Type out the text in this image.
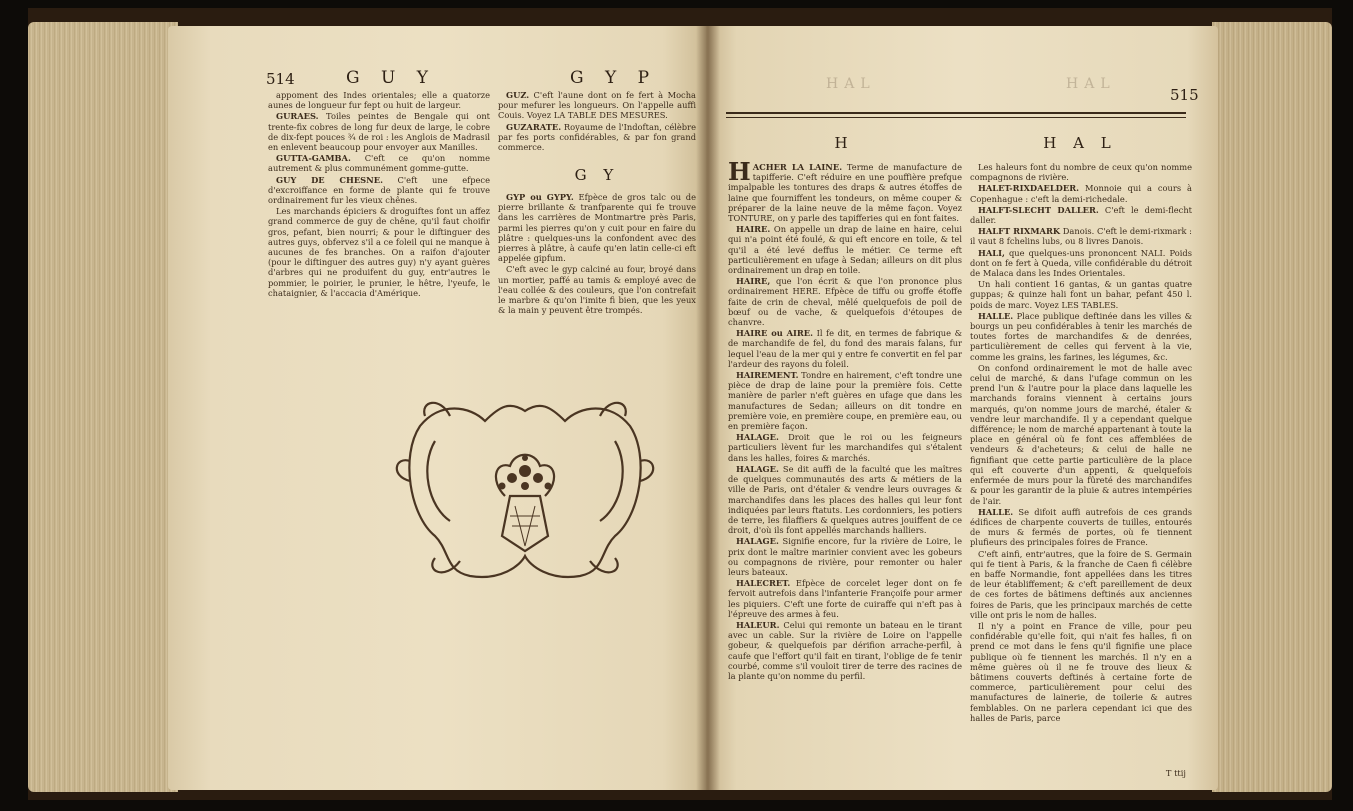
514	G U Y	G Y P

appoment des Indes orientales; elle a quatorze aunes de longueur fur fept ou huit de largeur.

GURAES. Toiles peintes de Bengale qui ont trente-fix cobres de long fur deux de large, le cobre de dix-fept pouces ¾ de roi : les Anglois de Madrasil en enlevent beaucoup pour envoyer aux Manilles.

GUTTA-GAMBA. C'eft ce qu'on nomme autrement & plus communément gomme-gutte.

GUY DE CHESNE. C'eft une efpece d'excroiffance en forme de plante qui fe trouve ordinairement fur les vieux chênes.

Les marchands épiciers & droguiftes font un affez grand commerce de guy de chêne, qu'il faut choifir gros, pefant, bien nourri; & pour le diftinguer des autres guys, obfervez s'il a ce foleil qui ne manque à aucunes de fes branches. On a raifon d'ajouter (pour le diftinguer des autres guy) n'y ayant guères d'arbres qui ne produifent du guy, entr'autres le pommier, le poirier, le prunier, le hêtre, l'yeufe, le chataignier, & l'accacia d'Amérique.

GUZ. C'eft l'aune dont on fe fert à Mocha pour mefurer les longueurs. On l'appelle auffi Couis. Voyez LA TABLE DES MESURES.

GUZARATE. Royaume de l'Indoftan, célèbre par fes ports confidérables, & par fon grand commerce.

G Y

GYP ou GYPY. Efpèce de gros talc ou de pierre brillante & tranfparente qui fe trouve dans les carrières de Montmartre près Paris, parmi les pierres qu'on y cuit pour en faire du plâtre : quelques-uns la confondent avec des pierres à plâtre, à caufe qu'en latin celle-ci eft appelée gipfum.

C'eft avec le gyp calciné au four, broyé dans un mortier, paffé au tamis & employé avec de l'eau collée & des couleurs, que l'on contrefait le marbre & qu'on l'imite fi bien, que les yeux & la main y peuvent être trompés.

HAL	HAL
515
H	H A L

HACHER LA LAINE. Terme de manufacture de tapifferie. C'eft réduire en une pouffière prefque impalpable les tontures des draps & autres étoffes de laine que fourniffent les tondeurs, on même couper & préparer de la laine neuve de la même façon. Voyez TONTURE, on y parle des tapifferies qui en font faites.

HAIRE. On appelle un drap de laine en haire, celui qui n'a point été foulé, & qui eft encore en toile, & tel qu'il a été levé deffus le métier. Ce terme eft particulièrement en ufage à Sedan; ailleurs on dit plus ordinairement un drap en toile.

HAIRE, que l'on écrit & que l'on prononce plus ordinairement HERE. Efpèce de tiffu ou groffe étoffe faite de crin de cheval, mêlé quelquefois de poil de bœuf ou de vache, & quelquefois d'étoupes de chanvre.

HAIRE ou AIRE. Il fe dit, en termes de fabrique & de marchandife de fel, du fond des marais falans, fur lequel l'eau de la mer qui y entre fe convertit en fel par l'ardeur des rayons du foleil.

HAIREMENT. Tondre en hairement, c'eft tondre une pièce de drap de laine pour la première fois. Cette manière de parler n'eft guères en ufage que dans les manufactures de Sedan; ailleurs on dit tondre en première voie, en première coupe, en première eau, ou en première façon.

HALAGE. Droit que le roi ou les feigneurs particuliers lèvent fur les marchandifes qui s'étalent dans les halles, foires & marchés.

HALAGE. Se dit auffi de la faculté que les maîtres de quelques communautés des arts & métiers de la ville de Paris, ont d'étaler & vendre leurs ouvrages & marchandifes dans les places des halles qui leur font indiquées par leurs ftatuts. Les cordonniers, les potiers de terre, les filaffiers & quelques autres jouiffent de ce droit, d'où ils font appellés marchands halliers.

HALAGE. Signifie encore, fur la rivière de Loire, le prix dont le maître marinier convient avec les gobeurs ou compagnons de rivière, pour remonter ou haler leurs bateaux.

HALECRET. Efpèce de corcelet leger dont on fe fervoit autrefois dans l'infanterie Françoife pour armer les piquiers. C'eft une forte de cuiraffe qui n'eft pas à l'épreuve des armes à feu.

HALEUR. Celui qui remonte un bateau en le tirant avec un cable. Sur la rivière de Loire on l'appelle gobeur, & quelquefois par dérifion arrache-perfil, à caufe que l'effort qu'il fait en tirant, l'oblige de fe tenir courbé, comme s'il vouloit tirer de terre des racines de la plante qu'on nomme du perfil.

Les haleurs font du nombre de ceux qu'on nomme compagnons de rivière.

HALET-RIXDAELDER. Monnoie qui a cours à Copenhague : c'eft la demi-richedale.

HALFT-SLECHT DALLER. C'eft le demi-flecht daller.

HALFT RIXMARK Danois. C'eft le demi-rixmark : il vaut 8 fchelins lubs, ou 8 livres Danois.

HALI, que quelques-uns prononcent NALI. Poids dont on fe fert à Queda, ville confidérable du détroit de Malaca dans les Indes Orientales.

Un hali contient 16 gantas, & un gantas quatre guppas; & quinze hali font un bahar, pefant 450 l. poids de marc. Voyez LES TABLES.

HALLE. Place publique deftinée dans les villes & bourgs un peu confidérables à tenir les marchés de toutes fortes de marchandifes & de denrées, particulièrement de celles qui fervent à la vie, comme les grains, les farines, les légumes, &c.

On confond ordinairement le mot de halle avec celui de marché, & dans l'ufage commun on les prend l'un & l'autre pour la place dans laquelle les marchands forains viennent à certains jours marqués, qu'on nomme jours de marché, étaler & vendre leur marchandife. Il y a cependant quelque différence; le nom de marché appartenant à toute la place en général où fe font ces affemblées de vendeurs & d'acheteurs; & celui de halle ne fignifiant que cette partie particulière de la place qui eft couverte d'un appenti, & quelquefois enfermée de murs pour la fûreté des marchandifes & pour les garantir de la pluie & autres intempéries de l'air.

HALLE. Se difoit auffi autrefois de ces grands édifices de charpente couverts de tuilles, entourés de murs & fermés de portes, où fe tiennent plufieurs des principales foires de France.

C'eft ainfi, entr'autres, que la foire de S. Germain qui fe tient à Paris, & la franche de Caen fi célèbre en baffe Normandie, font appellées dans les titres de leur établiffement; & c'eft pareillement de deux de ces fortes de bâtimens deftinés aux anciennes foires de Paris, que les principaux marchés de cette ville ont pris le nom de halles.

Il n'y a point en France de ville, pour peu confidérable qu'elle foit, qui n'ait fes halles, fi on prend ce mot dans le fens qu'il fignifie une place publique où fe tiennent les marchés. Il n'y en a même guères où il ne fe trouve des lieux & bâtimens couverts deftinés à certaine forte de commerce, particulièrement pour celui des manufactures de lainerie, de toilerie & autres femblables. On ne parlera cependant ici que des halles de Paris, parce

T ttij
